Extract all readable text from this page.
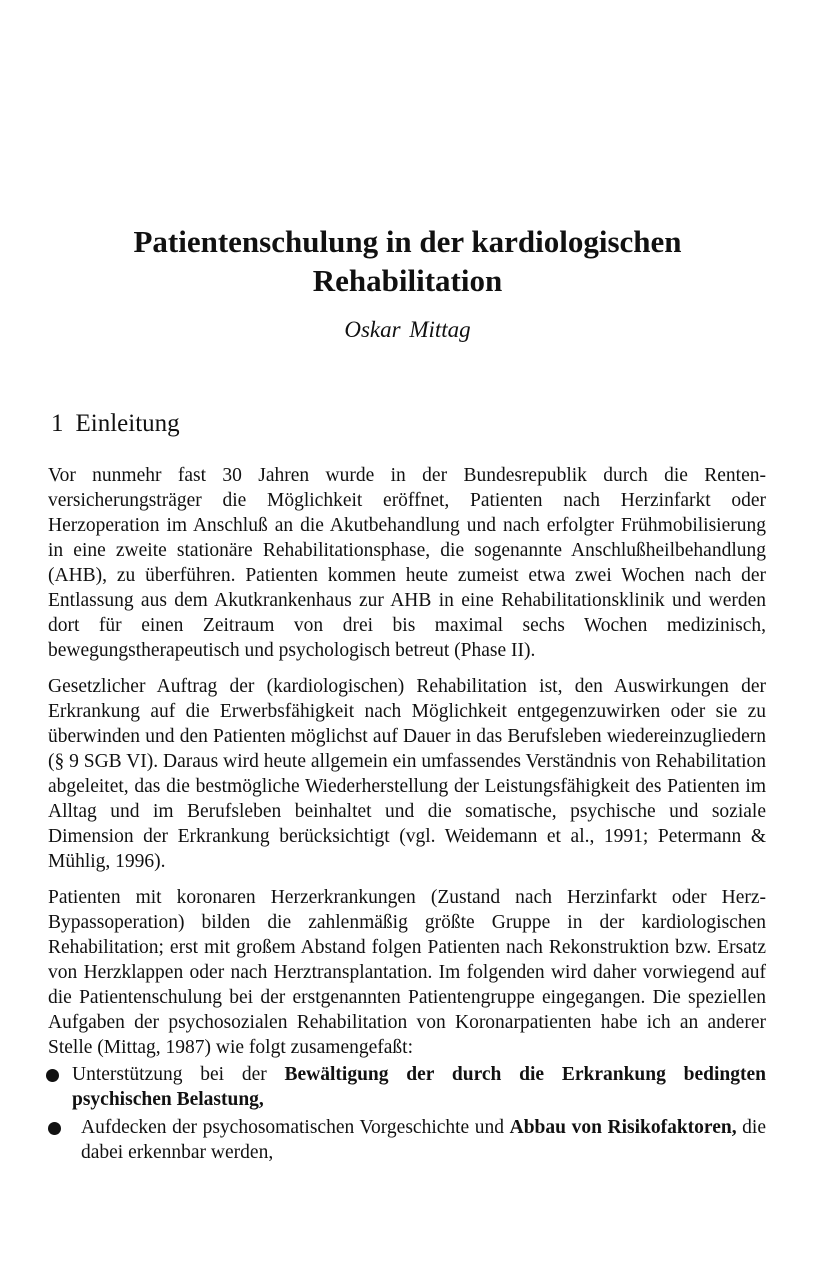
Patientenschulung in der kardiologischen
Rehabilitation
Oskar Mittag
1 Einleitung

Vor nunmehr fast 30 Jahren wurde in der Bundesrepublik durch die Rentenversicherungsträger die Möglichkeit eröffnet, Patienten nach Herzinfarkt oder Herzoperation im Anschluß an die Akutbehandlung und nach erfolgter Frühmobilisierung in eine zweite stationäre Rehabilitationsphase, die sogenannte Anschlußheilbehandlung (AHB), zu überführen. Patienten kommen heute zumeist etwa zwei Wochen nach der Entlassung aus dem Akutkrankenhaus zur AHB in eine Rehabilitationsklinik und werden dort für einen Zeitraum von drei bis maximal sechs Wochen medizinisch, bewegungstherapeutisch und psychologisch betreut (Phase II).

Gesetzlicher Auftrag der (kardiologischen) Rehabilitation ist, den Auswirkungen der Erkrankung auf die Erwerbsfähigkeit nach Möglichkeit entgegenzuwirken oder sie zu überwinden und den Patienten möglichst auf Dauer in das Berufsleben wiedereinzugliedern (§ 9 SGB VI). Daraus wird heute allgemein ein umfassendes Verständnis von Rehabilitation abgeleitet, das die bestmögliche Wiederherstellung der Leistungsfähigkeit des Patienten im Alltag und im Berufsleben beinhaltet und die somatische, psychische und soziale Dimension der Erkrankung berücksichtigt (vgl. Weidemann et al., 1991; Petermann & Mühlig, 1996).

Patienten mit koronaren Herzerkrankungen (Zustand nach Herzinfarkt oder Herz-Bypassoperation) bilden die zahlenmäßig größte Gruppe in der kardiologischen Rehabilitation; erst mit großem Abstand folgen Patienten nach Rekonstruktion bzw. Ersatz von Herzklappen oder nach Herztransplantation. Im folgenden wird daher vorwiegend auf die Patientenschulung bei der erstgenannten Patientengruppe eingegangen. Die speziellen Aufgaben der psychosozialen Rehabilitation von Koronarpatienten habe ich an anderer Stelle (Mittag, 1987) wie folgt zusamengefaßt:

Unterstützung bei der Bewältigung der durch die Erkrankung bedingten psychischen Belastung,
Aufdecken der psychosomatischen Vorgeschichte und Abbau von Risikofaktoren, die dabei erkennbar werden,
